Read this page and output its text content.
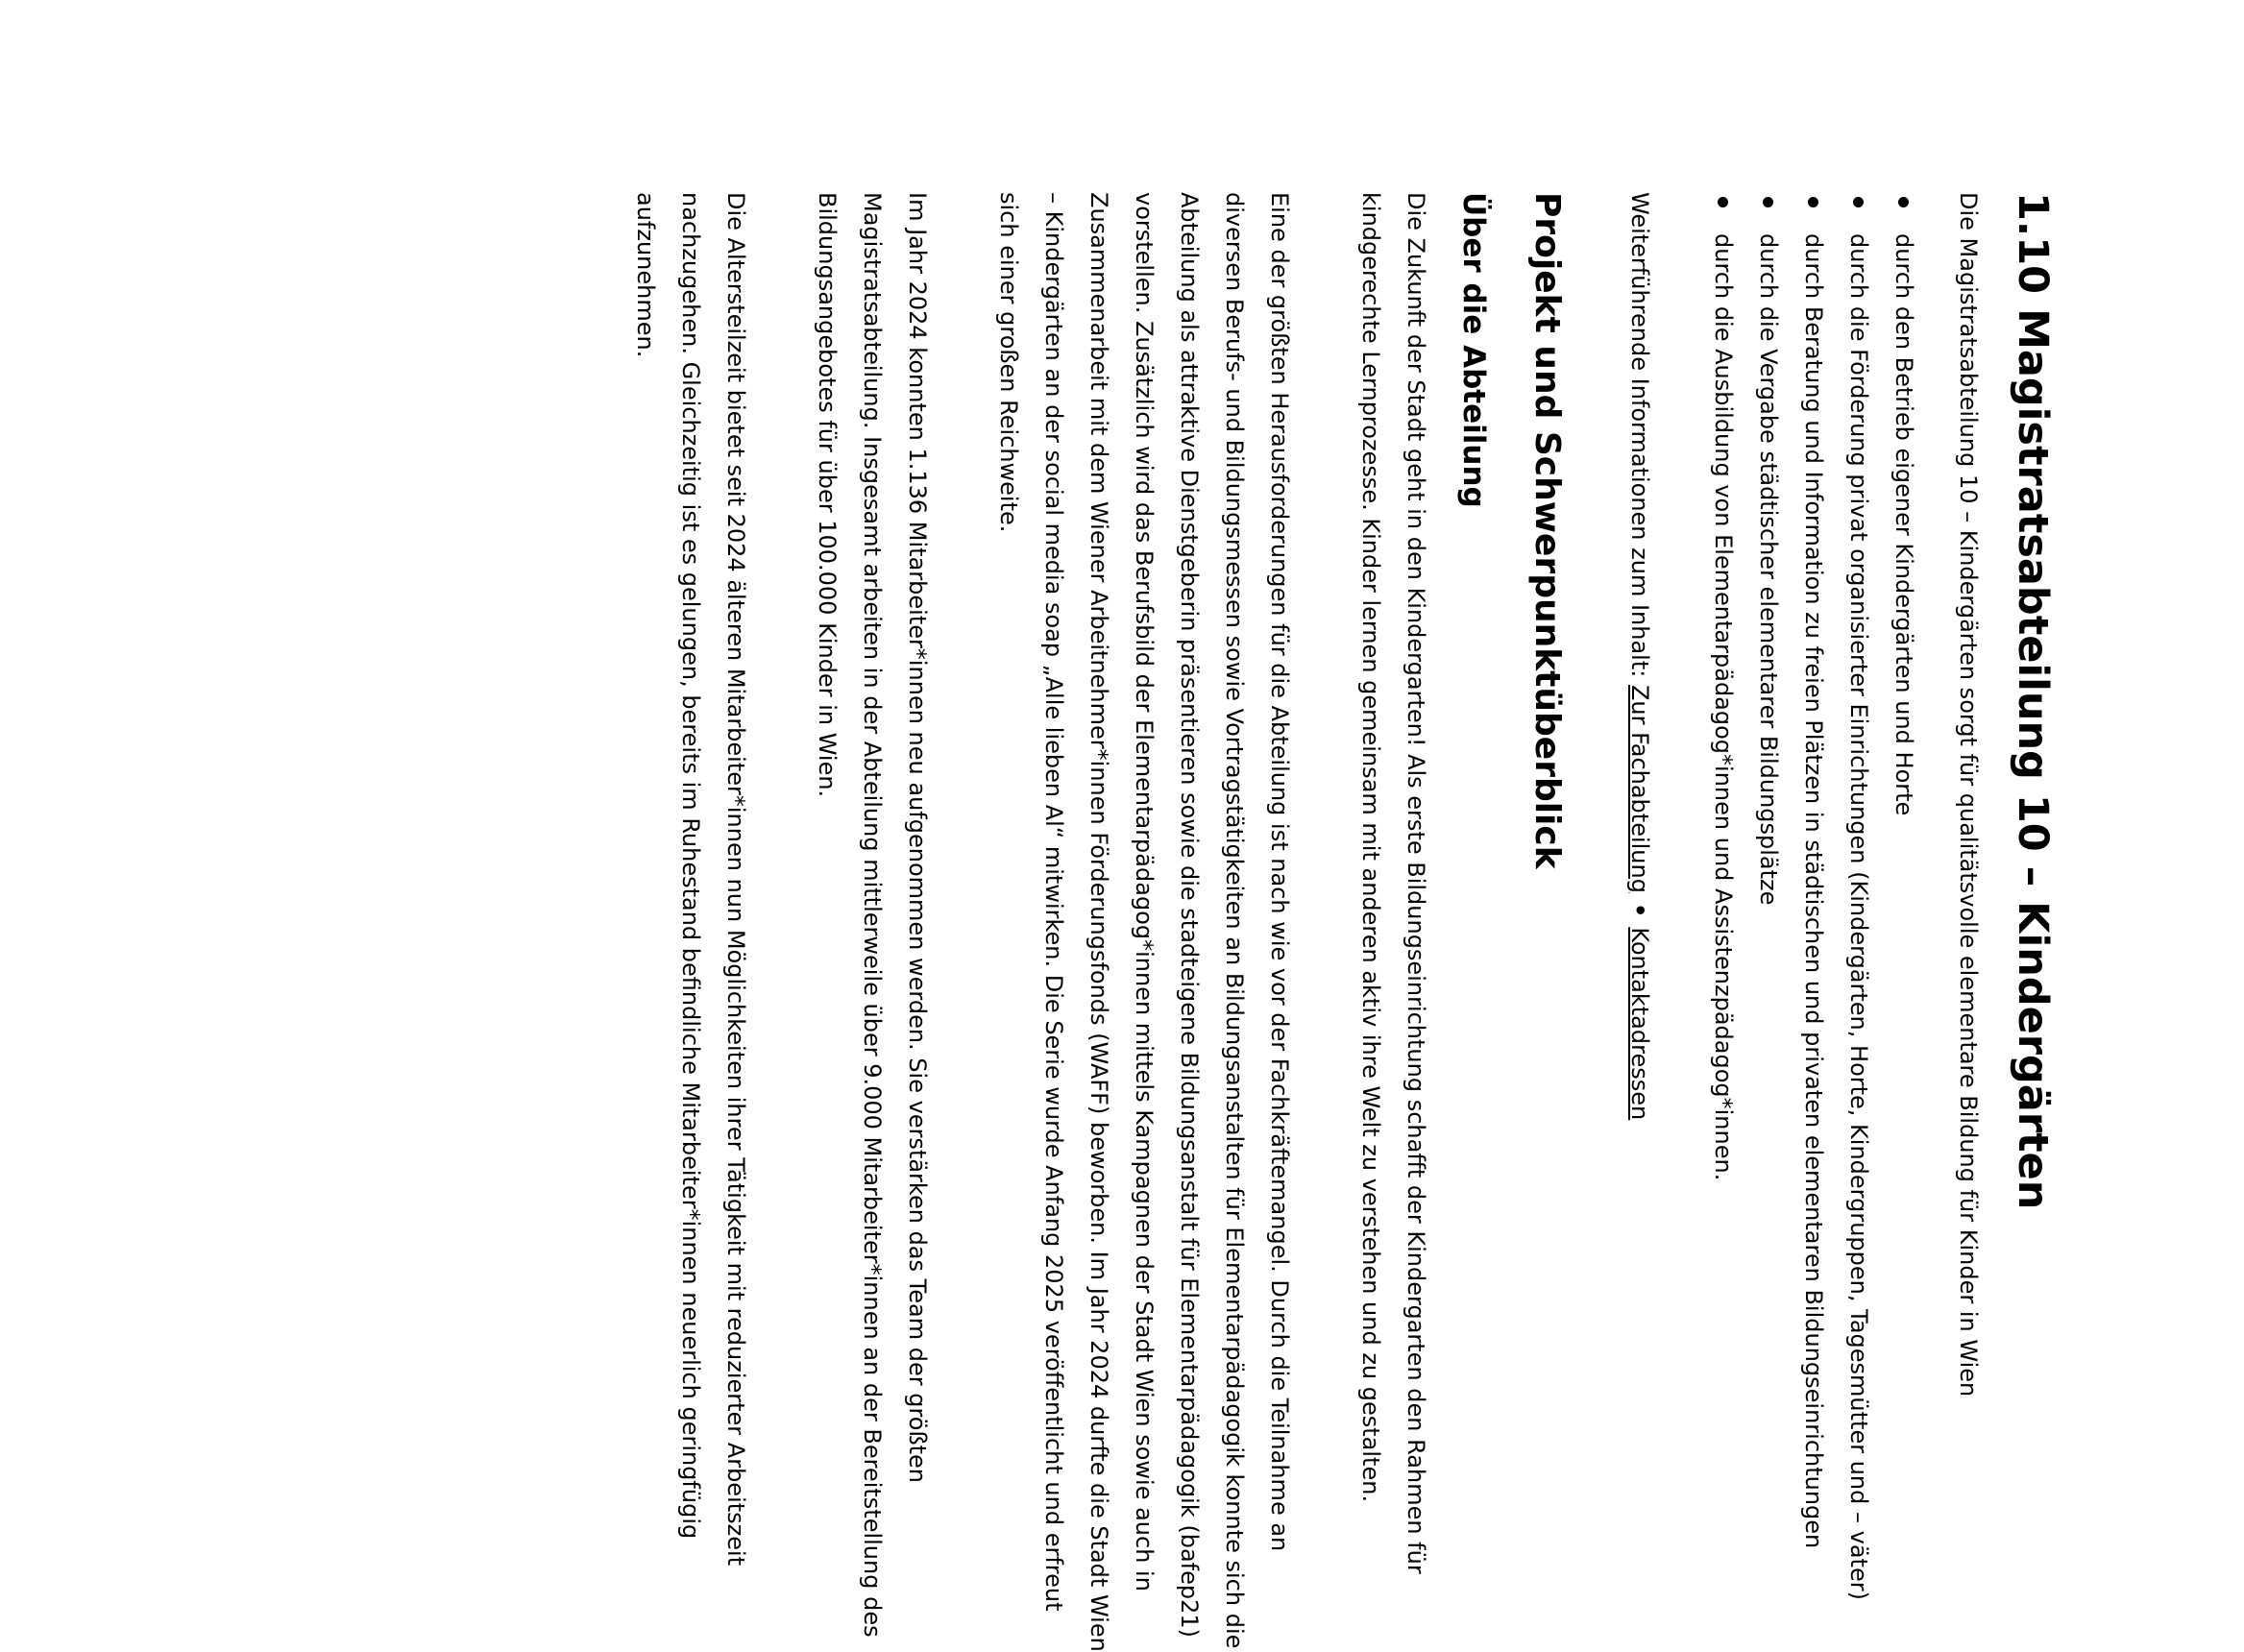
1.10 Magistratsabteilung 10 – Kindergärten

Die Magistratsabteilung 10 – Kindergärten sorgt für qualitätsvolle elementare Bildung für Kinder in Wien

durch den Betrieb eigener Kindergärten und Horte
durch die Förderung privat organisierter Einrichtungen (Kindergärten, Horte, Kindergruppen, Tagesmütter und – väter)
durch Beratung und Information zu freien Plätzen in städtischen und privaten elementaren Bildungseinrichtungen
durch die Vergabe städtischer elementarer Bildungsplätze
durch die Ausbildung von Elementarpädagog*innen und Assistenzpädagog*innen.

Weiterführende Informationen zum Inhalt: Zur Fachabteilung•Kontaktadressen

Projekt und Schwerpunktüberblick
Über die Abteilung

Die Zukunft der Stadt geht in den Kindergarten! Als erste Bildungseinrichtung schafft der Kindergarten den Rahmen für kindgerechte Lernprozesse. Kinder lernen gemeinsam mit anderen aktiv ihre Welt zu verstehen und zu gestalten.

Eine der größten Herausforderungen für die Abteilung ist nach wie vor der Fachkräftemangel. Durch die Teilnahme an diversen Berufs- und Bildungsmessen sowie Vortragstätigkeiten an Bildungsanstalten für Elementarpädagogik konnte sich die Abteilung als attraktive Dienstgeberin präsentieren sowie die stadteigene Bildungsanstalt für Elementarpädagogik (bafep21) vorstellen. Zusätzlich wird das Berufsbild der Elementarpädagog*innen mittels Kampagnen der Stadt Wien sowie auch in Zusammenarbeit mit dem Wiener Arbeitnehmer*innen Förderungsfonds (WAFF) beworben. Im Jahr 2024 durfte die Stadt Wien – Kindergärten an der social media soap „Alle lieben Al“ mitwirken. Die Serie wurde Anfang 2025 veröffentlicht und erfreut sich einer großen Reichweite.

Im Jahr 2024 konnten 1.136 Mitarbeiter*innen neu aufgenommen werden. Sie verstärken das Team der größten Magistratsabteilung. Insgesamt arbeiten in der Abteilung mittlerweile über 9.000 Mitarbeiter*innen an der Bereitstellung des Bildungsangebotes für über 100.000 Kinder in Wien.

Die Altersteilzeit bietet seit 2024 älteren Mitarbeiter*innen nun Möglichkeiten ihrer Tätigkeit mit reduzierter Arbeitszeit nachzugehen. Gleichzeitig ist es gelungen, bereits im Ruhestand befindliche Mitarbeiter*innen neuerlich geringfügig aufzunehmen.
